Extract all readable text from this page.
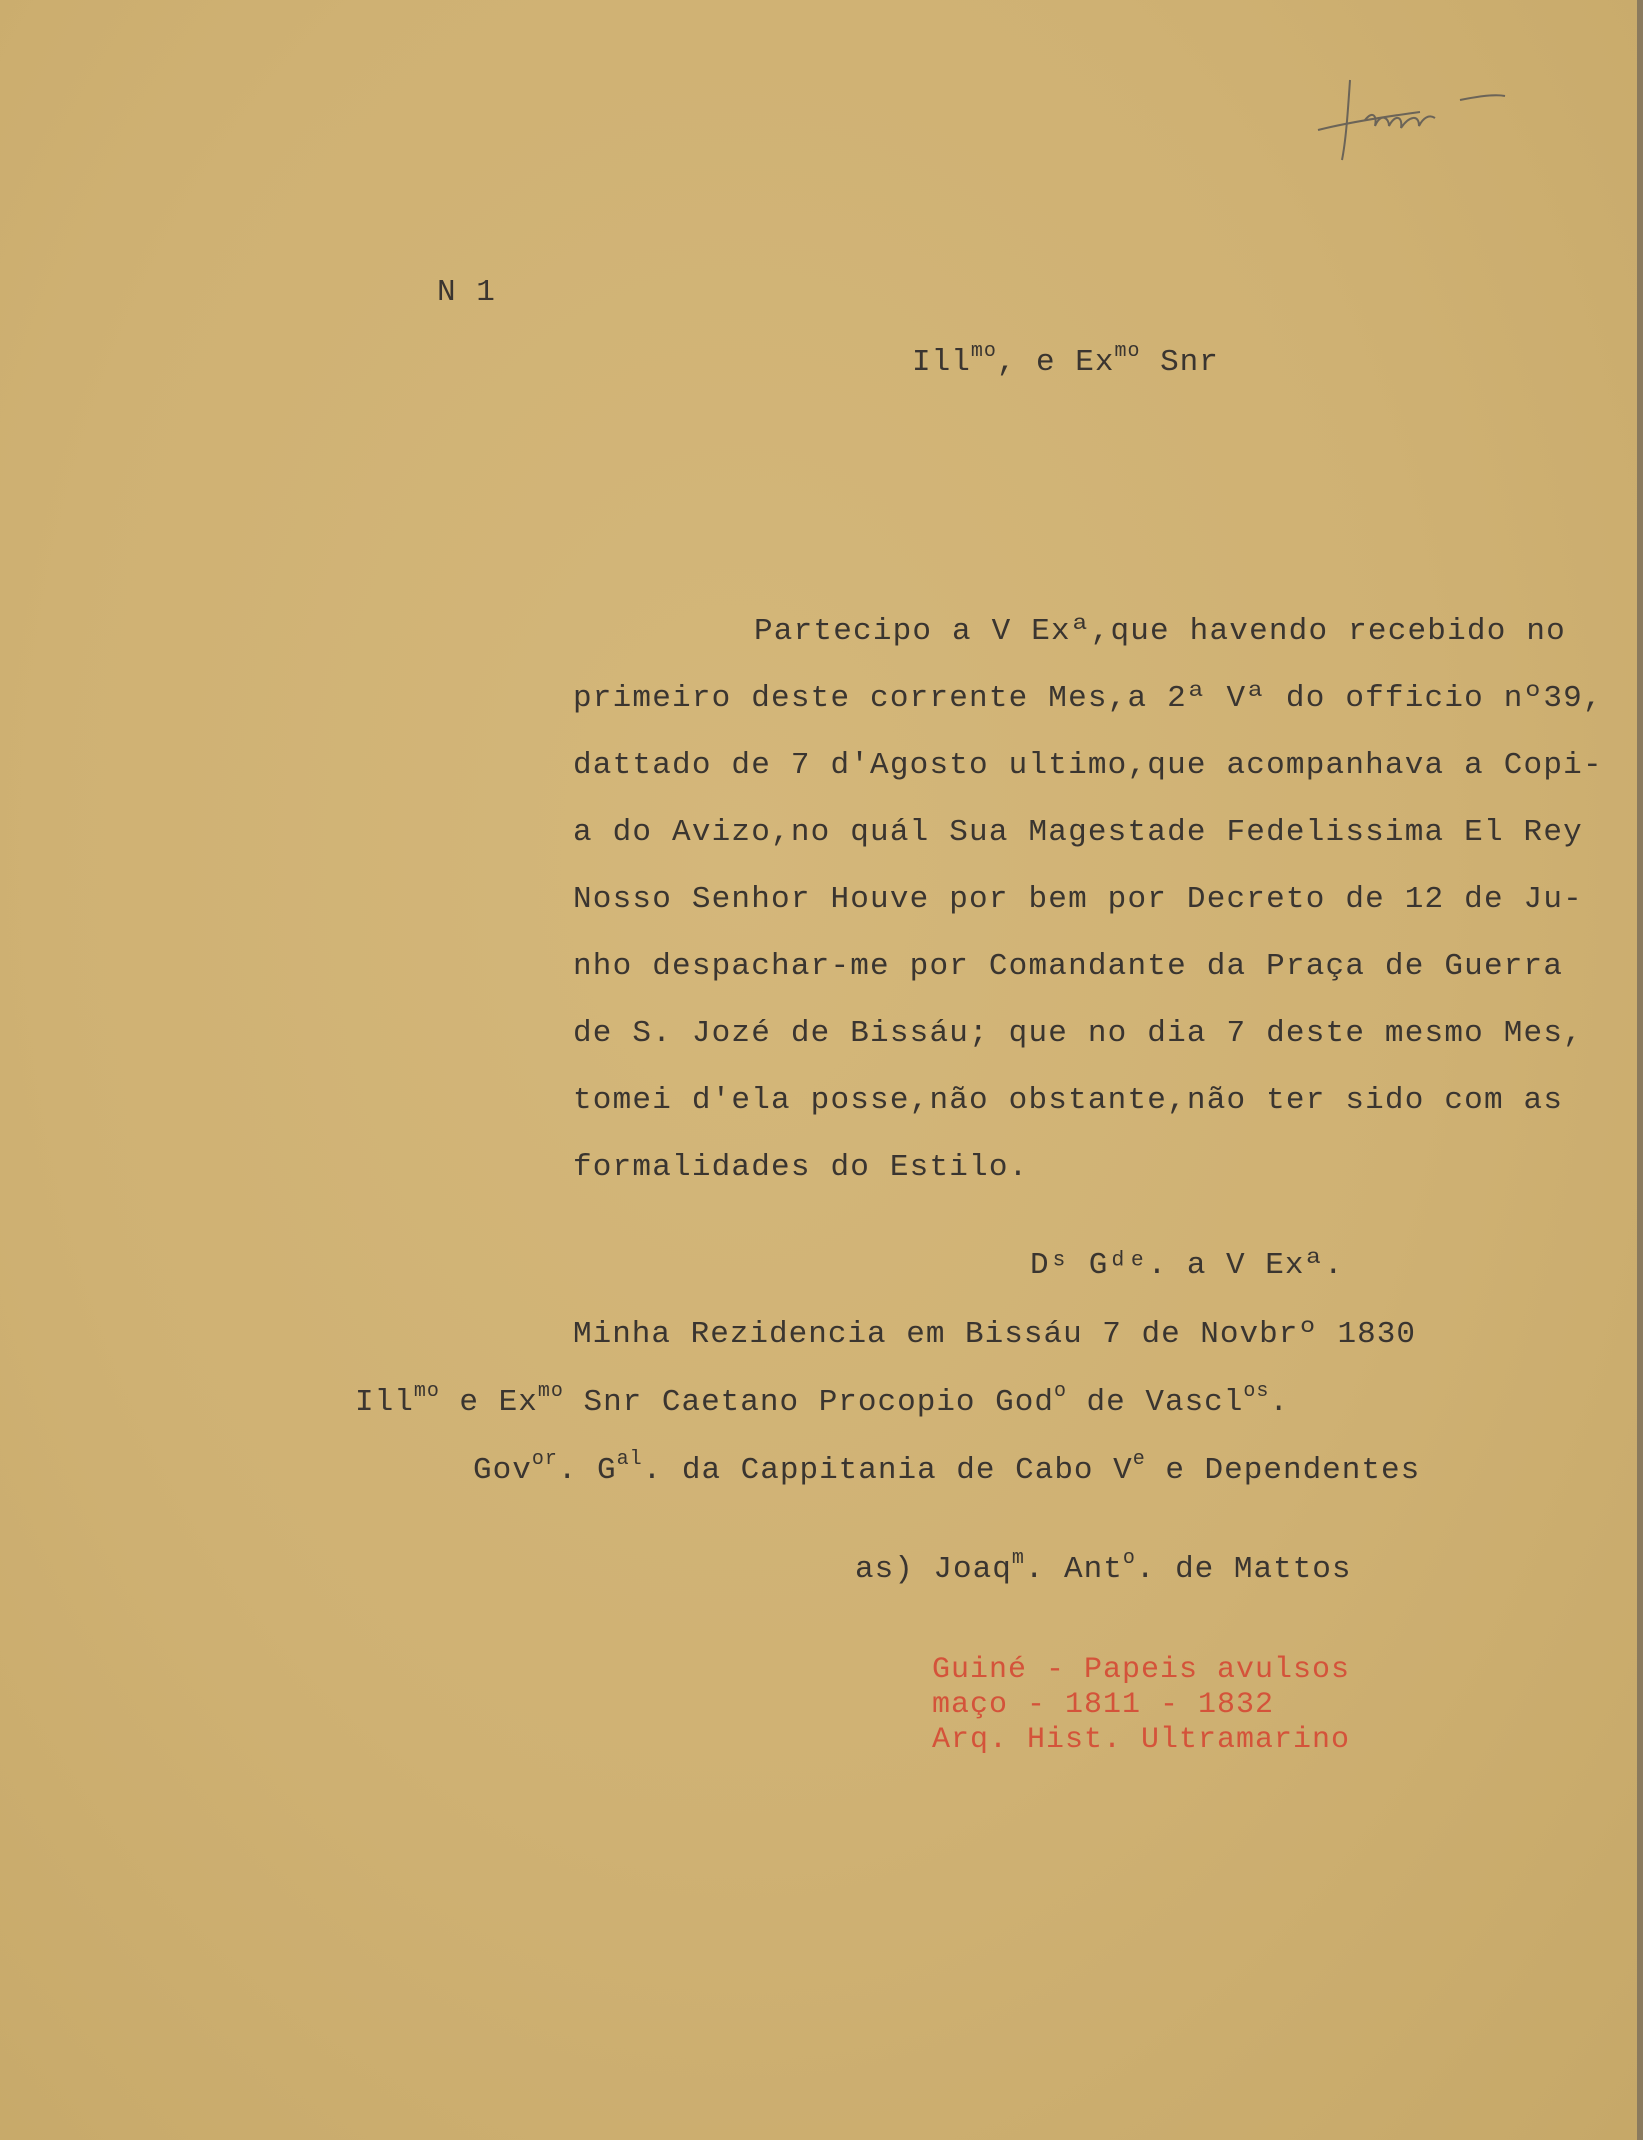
N 1
Ill$^{mo}$, e $Ex^{mo}$ Snr
Partecipo a V Exª,que havendo recebido no
primeiro deste corrente Mes,a 2ª Vª do officio nº39,
dattado de 7 d'Agosto ultimo,que acompanhava a Copi-
a do Avizo,no quál Sua Magestade Fedelissima El Rey
Nosso Senhor Houve por bem por Decreto de 12 de Ju-
nho despachar-me por Comandante da Praça de Guerra
de S. Jozé de Bissáu; que no dia 7 deste mesmo Mes,
tomei d'ela posse,não obstante,não ter sido com as
formalidades do Estilo.
Dˢ Gᵈᵉ. a V Exª.
Minha Rezidencia em Bissáu 7 de Novbrº 1830
Ill$^{mo}$ e $Ex^{mo}$ Snr Caetano Procopio God$^o$ de Vascl$^{os}$.
Gov$^{or}$. $G^{al}$. da Cappitania de Cabo Ve e Dependentes
as) Joaq$^m$. Ant$^o$. de Mattos
Guiné - Papeis avulsos
maço - 1811 - 1832
Arq. Hist. Ultramarino
